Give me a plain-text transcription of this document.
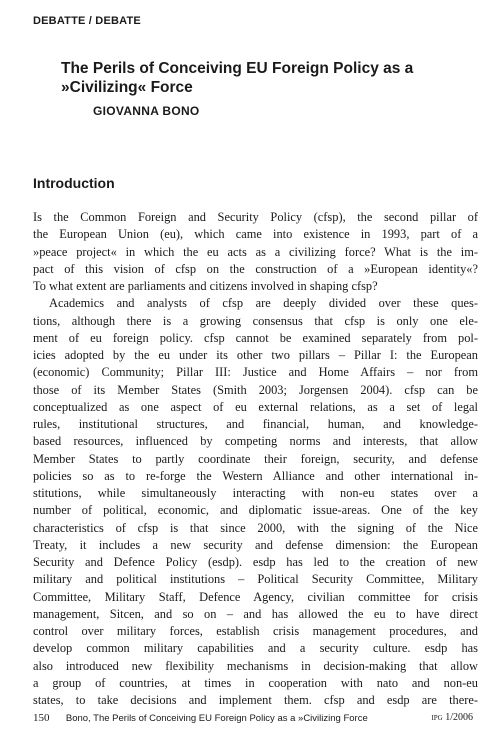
DEBATTE / DEBATE
The Perils of Conceiving EU Foreign Policy as a »Civilizing« Force
GIOVANNA BONO
Introduction
Is the Common Foreign and Security Policy (cfsp), the second pillar of
the European Union (eu), which came into existence in 1993, part of a
»peace project« in which the eu acts as a civilizing force? What is the im-
pact of this vision of cfsp on the construction of a »European identity«?
To what extent are parliaments and citizens involved in shaping cfsp?
Academics and analysts of cfsp are deeply divided over these ques-
tions, although there is a growing consensus that cfsp is only one ele-
ment of eu foreign policy. cfsp cannot be examined separately from pol-
icies adopted by the eu under its other two pillars – Pillar I: the European
(economic) Community; Pillar III: Justice and Home Affairs – nor from
those of its Member States (Smith 2003; Jorgensen 2004). cfsp can be
conceptualized as one aspect of eu external relations, as a set of legal
rules, institutional structures, and financial, human, and knowledge-
based resources, influenced by competing norms and interests, that allow
Member States to partly coordinate their foreign, security, and defense
policies so as to re-forge the Western Alliance and other international in-
stitutions, while simultaneously interacting with non-eu states over a
number of political, economic, and diplomatic issue-areas. One of the key
characteristics of cfsp is that since 2000, with the signing of the Nice
Treaty, it includes a new security and defense dimension: the European
Security and Defence Policy (esdp). esdp has led to the creation of new
military and political institutions – Political Security Committee, Military
Committee, Military Staff, Defence Agency, civilian committee for crisis
management, Sitcen, and so on – and has allowed the eu to have direct
control over military forces, establish crisis management procedures, and
develop common military capabilities and a security culture. esdp has
also introduced new flexibility mechanisms in decision-making that allow
a group of countries, at times in cooperation with nato and non-eu
states, to take decisions and implement them. cfsp and esdp are there-
150 Bono, The Perils of Conceiving EU Foreign Policy as a »Civilizing Force	ipg 1/2006
